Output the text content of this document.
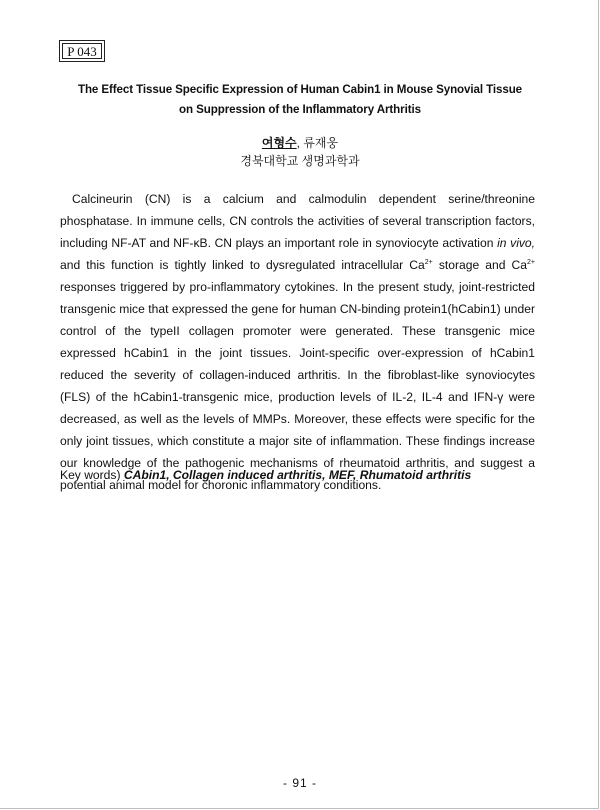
P 043
The Effect Tissue Specific Expression of Human Cabin1 in Mouse Synovial Tissue
on Suppression of the Inflammatory Arthritis
여형수, 류재웅
경북대학교 생명과학과

Calcineurin (CN) is a calcium and calmodulin dependent serine/threonine phosphatase. In immune cells, CN controls the activities of several transcription factors, including NF-AT and NF-κB. CN plays an important role in synoviocyte activation in vivo, and this function is tightly linked to dysregulated intracellular $Ca^{2+}$ storage and $Ca^{2+}$ responses triggered by pro-inflammatory cytokines. In the present study, joint-restricted transgenic mice that expressed the gene for human CN-binding protein1(hCabin1) under control of the typeII collagen promoter were generated. These transgenic mice expressed hCabin1 in the joint tissues. Joint-specific over-expression of hCabin1 reduced the severity of collagen-induced arthritis. In the fibroblast-like synoviocytes (FLS) of the hCabin1-transgenic mice, production levels of IL-2, IL-4 and IFN-γ were decreased, as well as the levels of MMPs. Moreover, these effects were specific for the only joint tissues, which constitute a major site of inflammation. These findings increase our knowledge of the pathogenic mechanisms of rheumatoid arthritis, and suggest a potential animal model for choronic inflammatory conditions.

Key words) CAbin1, Collagen induced arthritis, MEF, Rhumatoid arthritis
- 91 -
